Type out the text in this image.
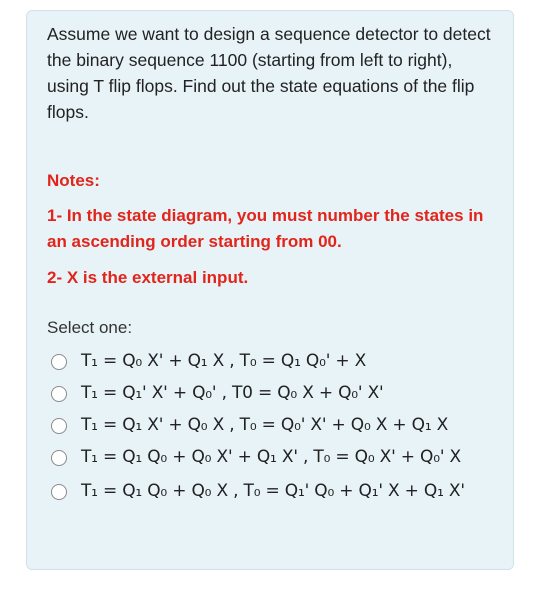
Assume we want to design a sequence detector to detect the binary sequence 1100 (starting from left to right), using T flip flops. Find out the state equations of the flip flops.
Notes:
1- In the state diagram, you must number the states in an ascending order starting from 00.
2- X is the external input.
Select one:
T₁ = Q₀ X' + Q₁ X , T₀ = Q₁ Q₀' + X
T₁ = Q₁' X' + Q₀' , T0 = Q₀ X + Q₀' X'
T₁ = Q₁ X' + Q₀ X , T₀ = Q₀' X' + Q₀ X + Q₁ X
T₁ = Q₁ Q₀ + Q₀ X' + Q₁ X' , T₀ = Q₀ X' + Q₀' X
T₁ = Q₁ Q₀ + Q₀ X , T₀ = Q₁' Q₀ + Q₁' X + Q₁ X'
